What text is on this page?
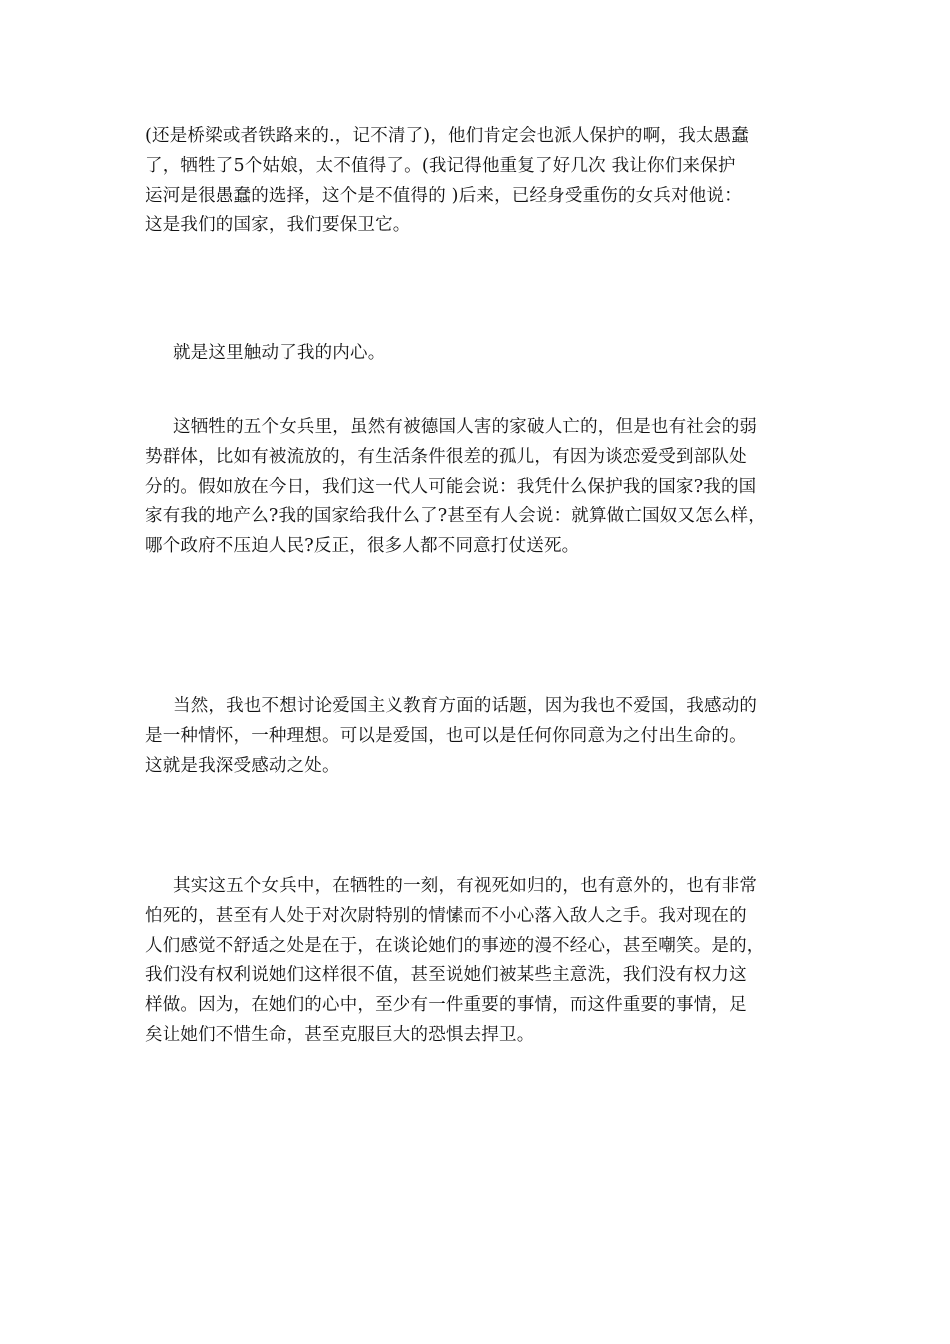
(还是桥梁或者铁路来的.，记不清了)，他们肯定会也派人保护的啊，我太愚蠢
了，牺牲了5个姑娘，太不值得了。(我记得他重复了好几次 我让你们来保护
运河是很愚蠢的选择，这个是不值得的 )后来，已经身受重伤的女兵对他说：
这是我们的国家，我们要保卫它。
就是这里触动了我的内心。
这牺牲的五个女兵里，虽然有被德国人害的家破人亡的，但是也有社会的弱
势群体，比如有被流放的，有生活条件很差的孤儿，有因为谈恋爱受到部队处
分的。假如放在今日，我们这一代人可能会说：我凭什么保护我的国家?我的国
家有我的地产么?我的国家给我什么了?甚至有人会说：就算做亡国奴又怎么样，
哪个政府不压迫人民?反正，很多人都不同意打仗送死。
当然，我也不想讨论爱国主义教育方面的话题，因为我也不爱国，我感动的
是一种情怀，一种理想。可以是爱国，也可以是任何你同意为之付出生命的。
这就是我深受感动之处。
其实这五个女兵中，在牺牲的一刻，有视死如归的，也有意外的，也有非常
怕死的，甚至有人处于对次尉特别的情愫而不小心落入敌人之手。我对现在的
人们感觉不舒适之处是在于，在谈论她们的事迹的漫不经心，甚至嘲笑。是的，
我们没有权利说她们这样很不值，甚至说她们被某些主意洗，我们没有权力这
样做。因为，在她们的心中，至少有一件重要的事情，而这件重要的事情，足
矣让她们不惜生命，甚至克服巨大的恐惧去捍卫。
